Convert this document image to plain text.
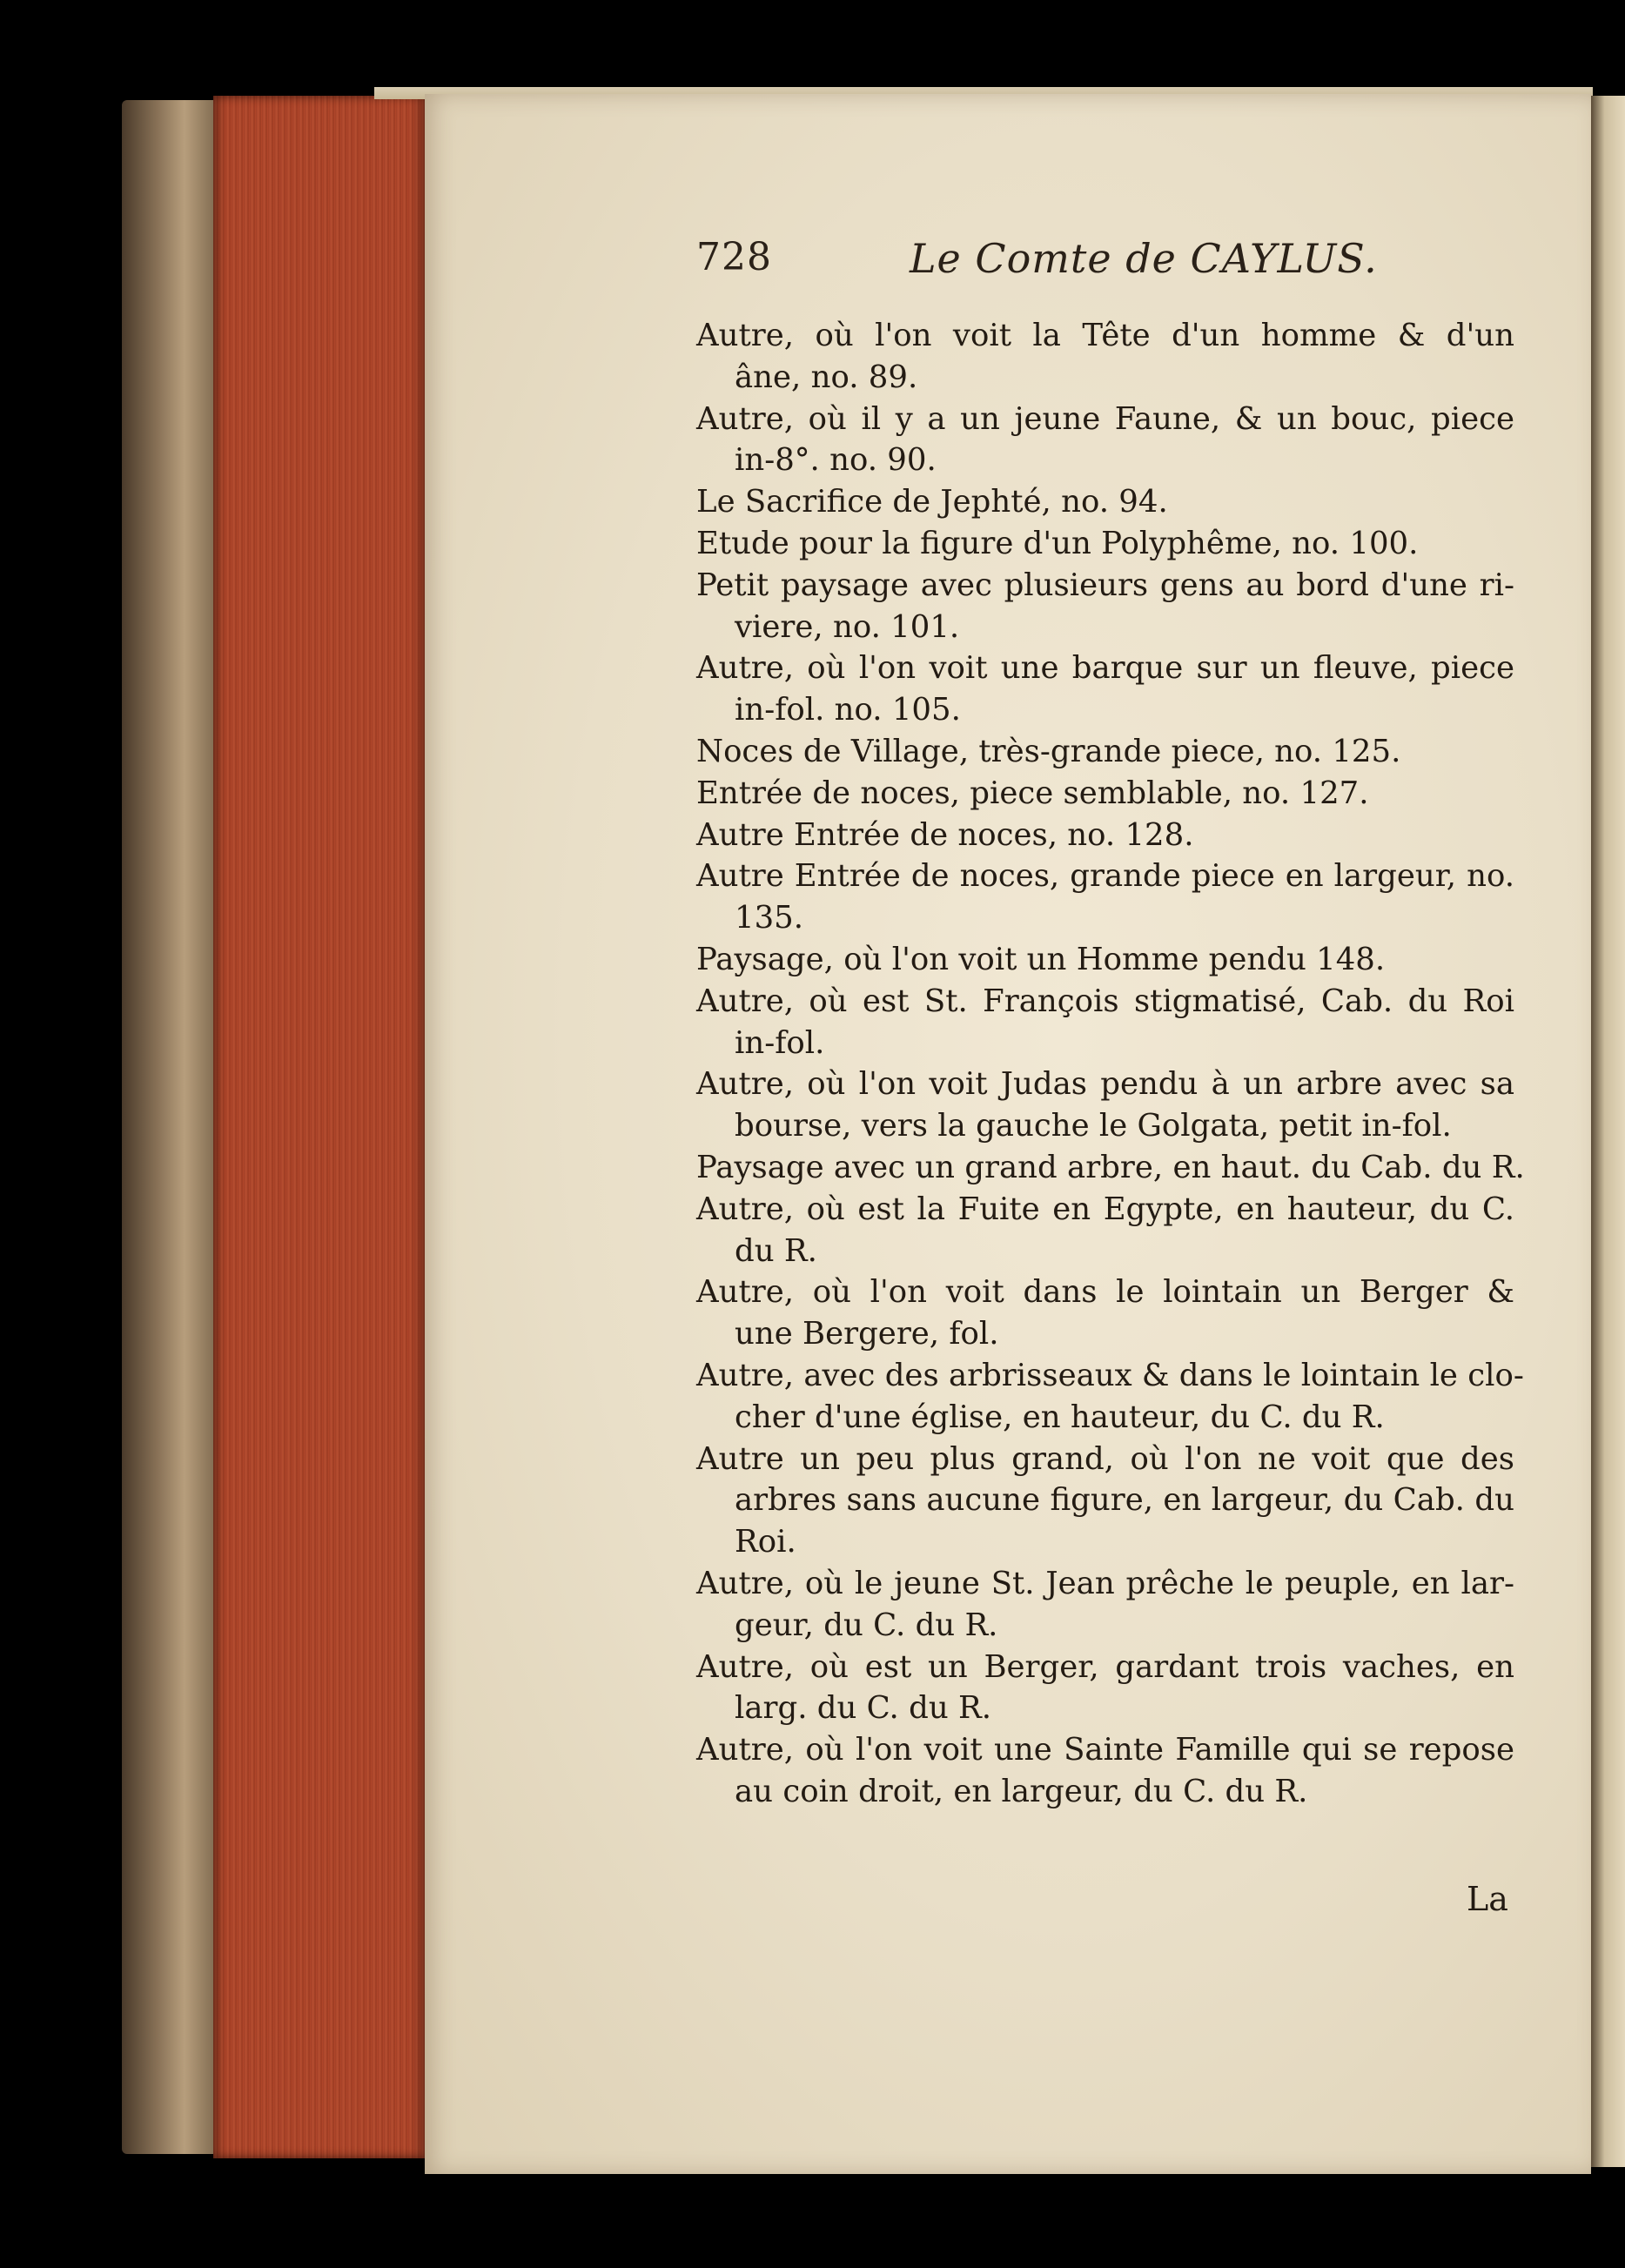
728	Le Comte de CAYLUS.
Autre, où l'on voit la Tête d'un homme & d'un
âne, no. 89.
Autre, où il y a un jeune Faune, & un bouc, piece
in-8°. no. 90.
Le Sacrifice de Jephté, no. 94.
Etude pour la figure d'un Polyphême, no. 100.
Petit paysage avec plusieurs gens au bord d'une ri-
viere, no. 101.
Autre, où l'on voit une barque sur un fleuve, piece
in-fol. no. 105.
Noces de Village, très-grande piece, no. 125.
Entrée de noces, piece semblable, no. 127.
Autre Entrée de noces, no. 128.
Autre Entrée de noces, grande piece en largeur, no.
135.
Paysage, où l'on voit un Homme pendu 148.
Autre, où est St. François stigmatisé, Cab. du Roi
in-fol.
Autre, où l'on voit Judas pendu à un arbre avec sa
bourse, vers la gauche le Golgata, petit in-fol.
Paysage avec un grand arbre, en haut. du Cab. du R.
Autre, où est la Fuite en Egypte, en hauteur, du C.
du R.
Autre, où l'on voit dans le lointain un Berger &
une Bergere, fol.
Autre, avec des arbrisseaux & dans le lointain le clo-
cher d'une église, en hauteur, du C. du R.
Autre un peu plus grand, où l'on ne voit que des
arbres sans aucune figure, en largeur, du Cab. du
Roi.
Autre, où le jeune St. Jean prêche le peuple, en lar-
geur, du C. du R.
Autre, où est un Berger, gardant trois vaches, en
larg. du C. du R.
Autre, où l'on voit une Sainte Famille qui se repose
au coin droit, en largeur, du C. du R.
La
